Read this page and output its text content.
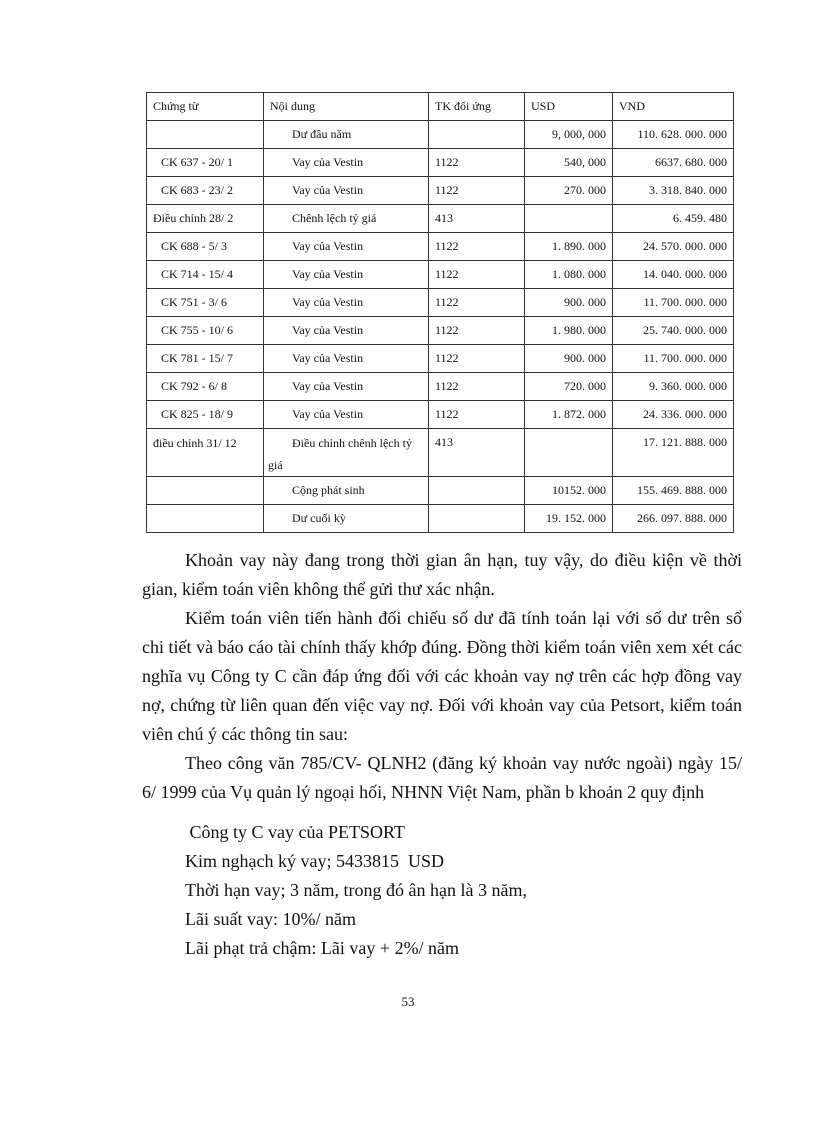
Chứng từ	Nội dung	TK đối ứng	USD	VND
	Dư đầu năm		9, 000, 000	110. 628. 000. 000
CK 637 - 20/ 1	Vay của Vestin	1122	540, 000	6637. 680. 000
CK 683 - 23/ 2	Vay của Vestin	1122	270. 000	3. 318. 840. 000
Điều chỉnh 28/ 2	Chênh lệch tỷ giá	413		6. 459. 480
CK 688 - 5/ 3	Vay của Vestin	1122	1. 890. 000	24. 570. 000. 000
CK 714 - 15/ 4	Vay của Vestin	1122	1. 080. 000	14. 040. 000. 000
CK 751 - 3/ 6	Vay của Vestin	1122	900. 000	11. 700. 000. 000
CK 755 - 10/ 6	Vay của Vestin	1122	1. 980. 000	25. 740. 000. 000
CK 781 - 15/ 7	Vay của Vestin	1122	900. 000	11. 700. 000. 000
CK 792 - 6/ 8	Vay của Vestin	1122	720. 000	9. 360. 000. 000
CK 825 - 18/ 9	Vay của Vestin	1122	1. 872. 000	24. 336. 000. 000
điều chỉnh 31/ 12	Điều chỉnh chênh lệch tỷ giá	413		17. 121. 888. 000
	Cộng phát sinh		10152. 000	155. 469. 888. 000
	Dư cuối kỳ		19. 152. 000	266. 097. 888. 000

Khoản vay này đang trong thời gian ân hạn, tuy vậy, do điều kiện về thời gian, kiểm toán viên không thể gửi thư xác nhận.

Kiểm toán viên tiến hành đối chiếu số dư đã tính toán lại với số dư trên sổ chi tiết và báo cáo tài chính thấy khớp đúng. Đồng thời kiểm toán viên xem xét các nghĩa vụ Công ty C cần đáp ứng đối với các khoản vay nợ trên các hợp đồng vay nợ, chứng từ liên quan đến việc vay nợ. Đối với khoản vay của Petsort, kiểm toán viên chú ý các thông tin sau:

Theo công văn 785/CV- QLNH2 (đăng ký khoản vay nước ngoài) ngày 15/ 6/ 1999 của Vụ quản lý ngoại hối, NHNN Việt Nam, phần b khoản 2 quy định

Công ty C vay của PETSORT
Kim nghạch ký vay; 5433815  USD
Thời hạn vay; 3 năm, trong đó ân hạn là 3 năm,
Lãi suất vay: 10%/ năm
Lãi phạt trả chậm: Lãi vay + 2%/ năm
53
